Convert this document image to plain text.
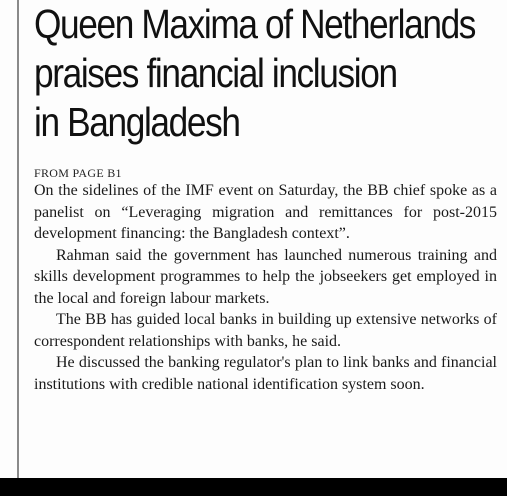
Queen Maxima of Netherlands
praises financial inclusion
in Bangladesh
FROM PAGE B1

On the sidelines of the IMF event on Saturday, the BB chief spoke as a panelist on “Leveraging migration and remittances for post-2015 development financing: the Bangladesh context”.

Rahman said the government has launched numerous training and skills development programmes to help the jobseekers get employed in the local and foreign labour markets.

The BB has guided local banks in building up extensive networks of correspondent relationships with banks, he said.

He discussed the banking regulator's plan to link banks and financial institutions with credible national identification system soon.
